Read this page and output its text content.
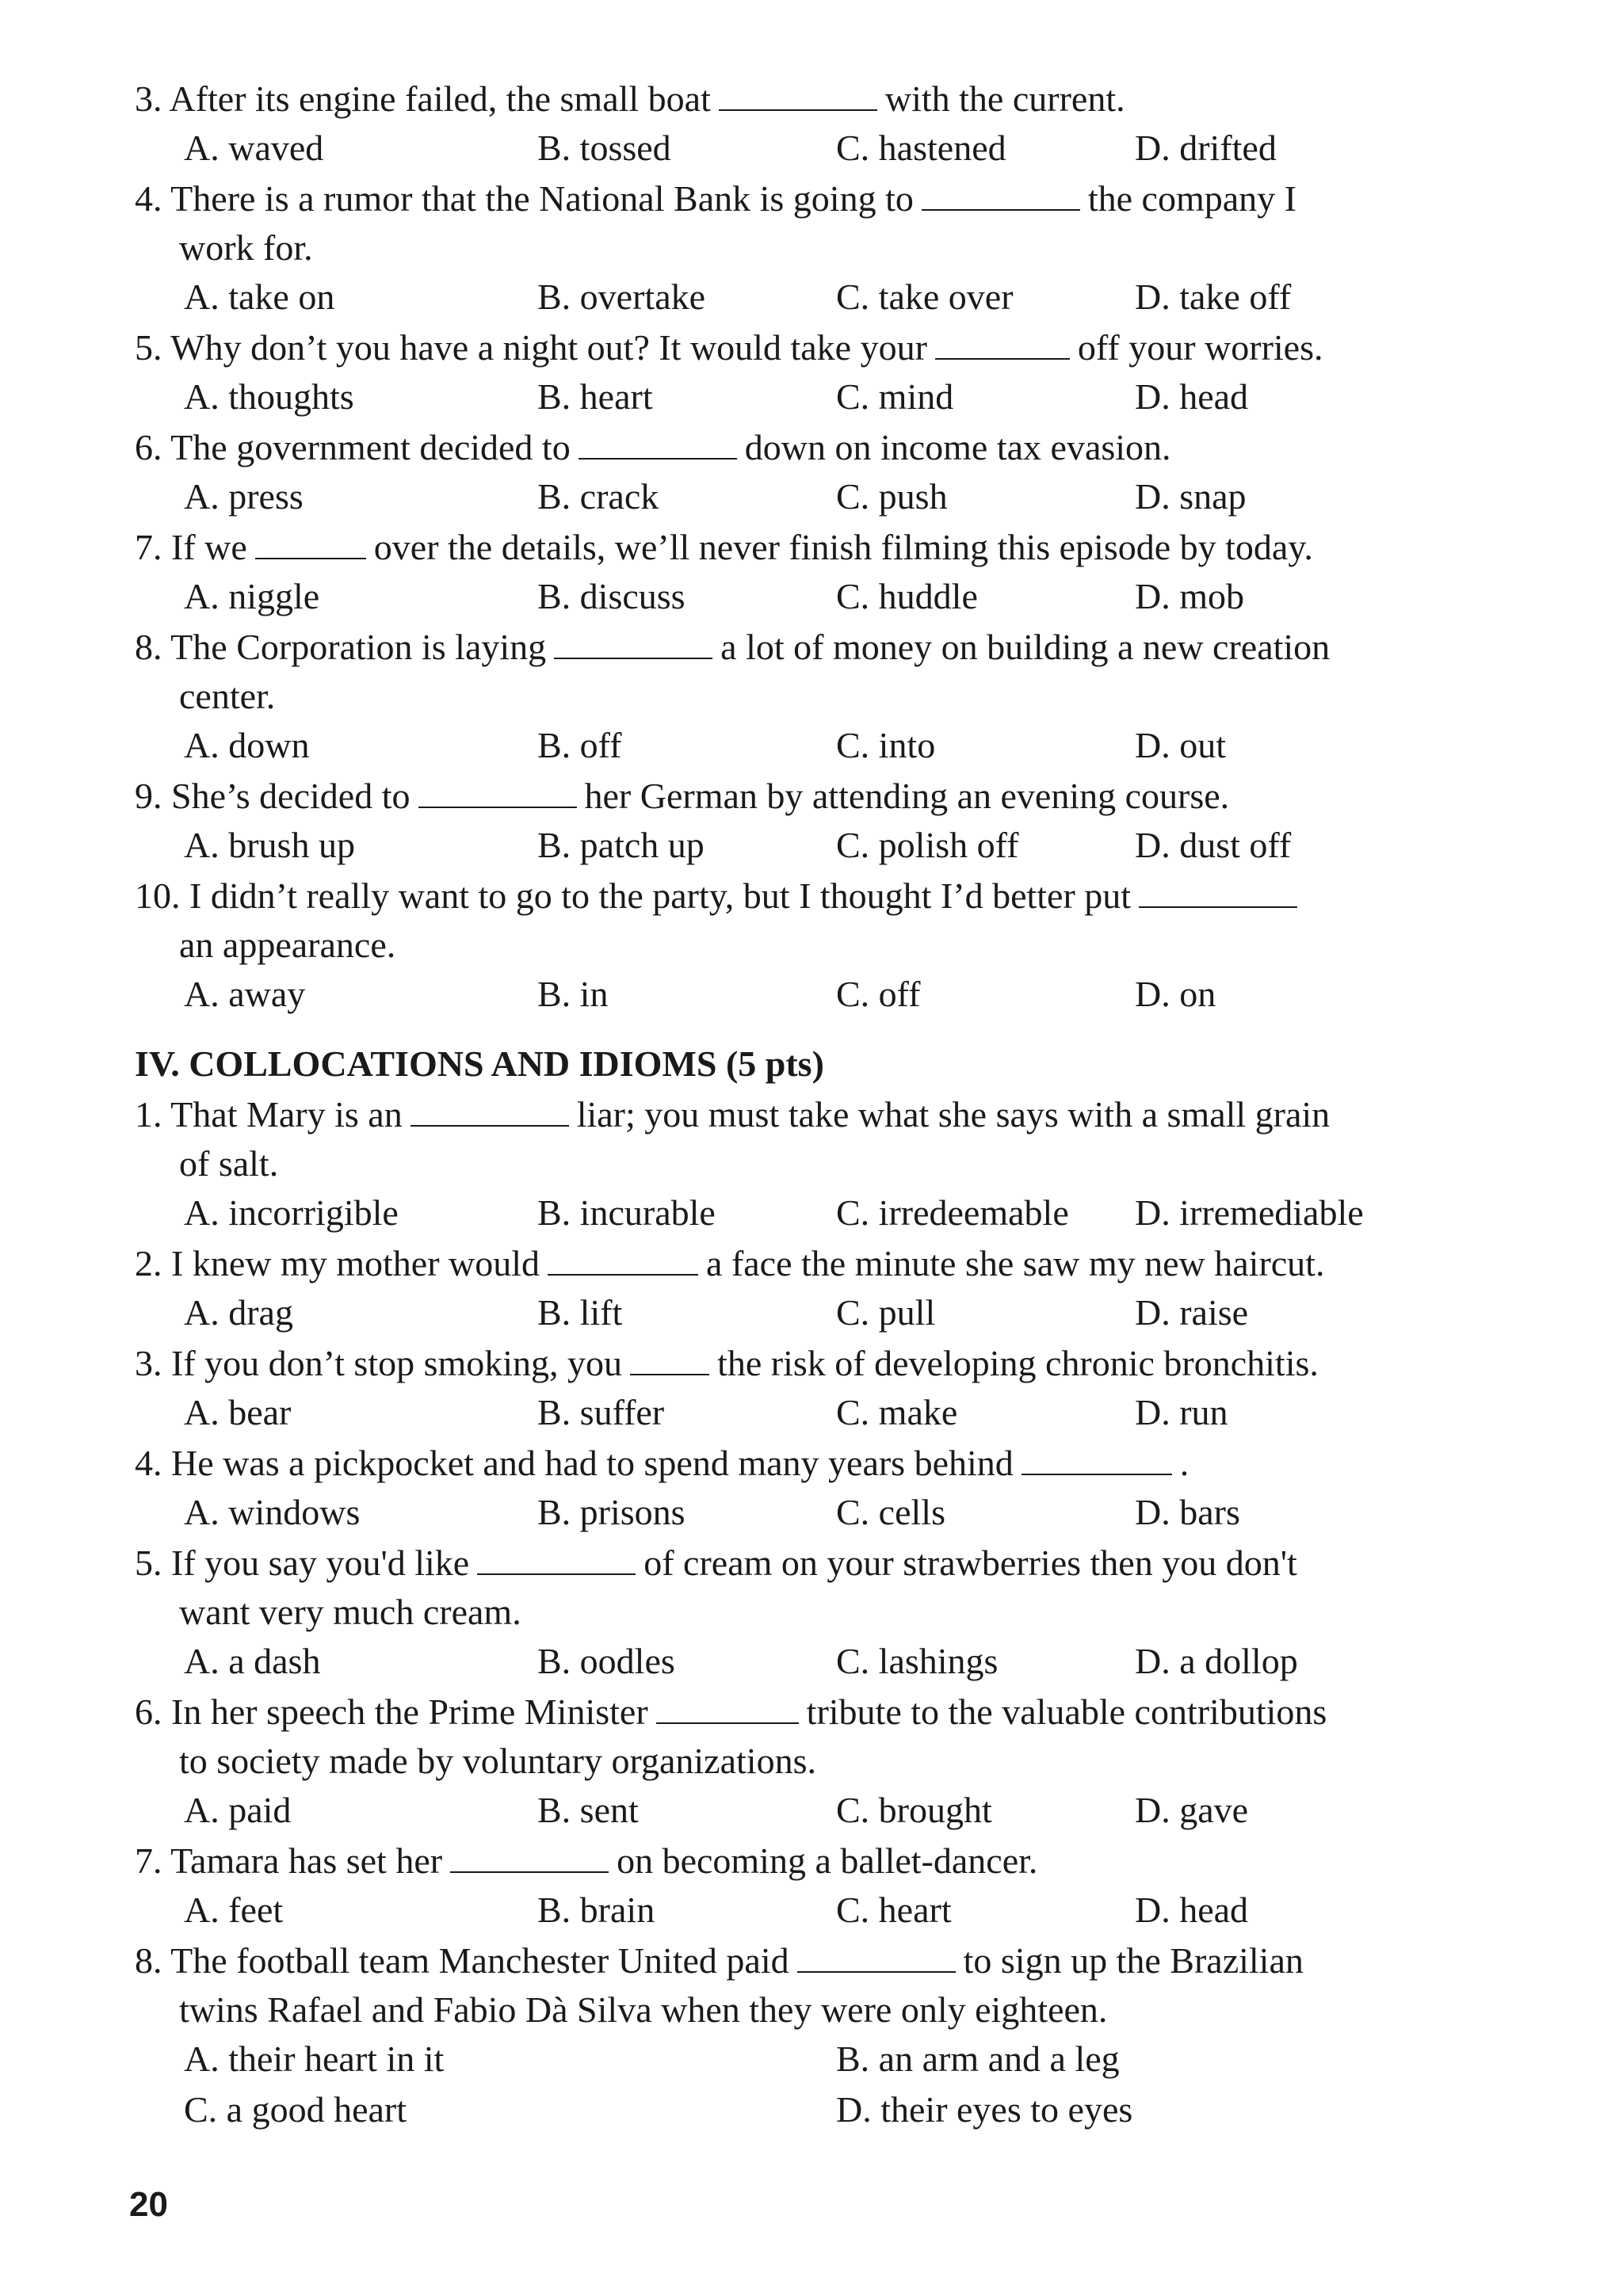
3. After its engine failed, the small boat	with the current.
A. waved	B. tossed	C. hastened	D. drifted
4. There is a rumor that the National Bank is going to	the company I
work for.
A. take on	B. overtake	C. take over	D. take off
5. Why don’t you have a night out? It would take your	off your worries.
A. thoughts	B. heart	C. mind	D. head
6. The government decided to	down on income tax evasion.
A. press	B. crack	C. push	D. snap
7. If we	over the details, we’ll never finish filming this episode by today.
A. niggle	B. discuss	C. huddle	D. mob
8. The Corporation is laying	a lot of money on building a new creation
center.
A. down	B. off	C. into	D. out
9. She’s decided to	her German by attending an evening course.
A. brush up	B. patch up	C. polish off	D. dust off
10. I didn’t really want to go to the party, but I thought I’d better put
an appearance.
A. away	B. in	C. off	D. on
IV. COLLOCATIONS AND IDIOMS (5 pts)
1. That Mary is an	liar; you must take what she says with a small grain
of salt.
A. incorrigible	B. incurable	C. irredeemable D. irremediable
2. I knew my mother would	a face the minute she saw my new haircut.
A. drag	B. lift	C. pull	D. raise
3. If you don’t stop smoking, you	the risk of developing chronic bronchitis.
A. bear	B. suffer	C. make	D. run
4. He was a pickpocket and had to spend many years behind	.
A. windows	B. prisons	C. cells	D. bars
5. If you say you'd like	of cream on your strawberries then you don't
want very much cream.
A. a dash	B. oodles	C. lashings	D. a dollop
6. In her speech the Prime Minister	tribute to the valuable contributions
to society made by voluntary organizations.
A. paid	B. sent	C. brought	D. gave
7. Tamara has set her	on becoming a ballet-dancer.
A. feet	B. brain	C. heart	D. head
8. The football team Manchester United paid	to sign up the Brazilian
twins Rafael and Fabio Dà Silva when they were only eighteen.
A. their heart in it	B. an arm and a leg
C. a good heart	D. their eyes to eyes
20
